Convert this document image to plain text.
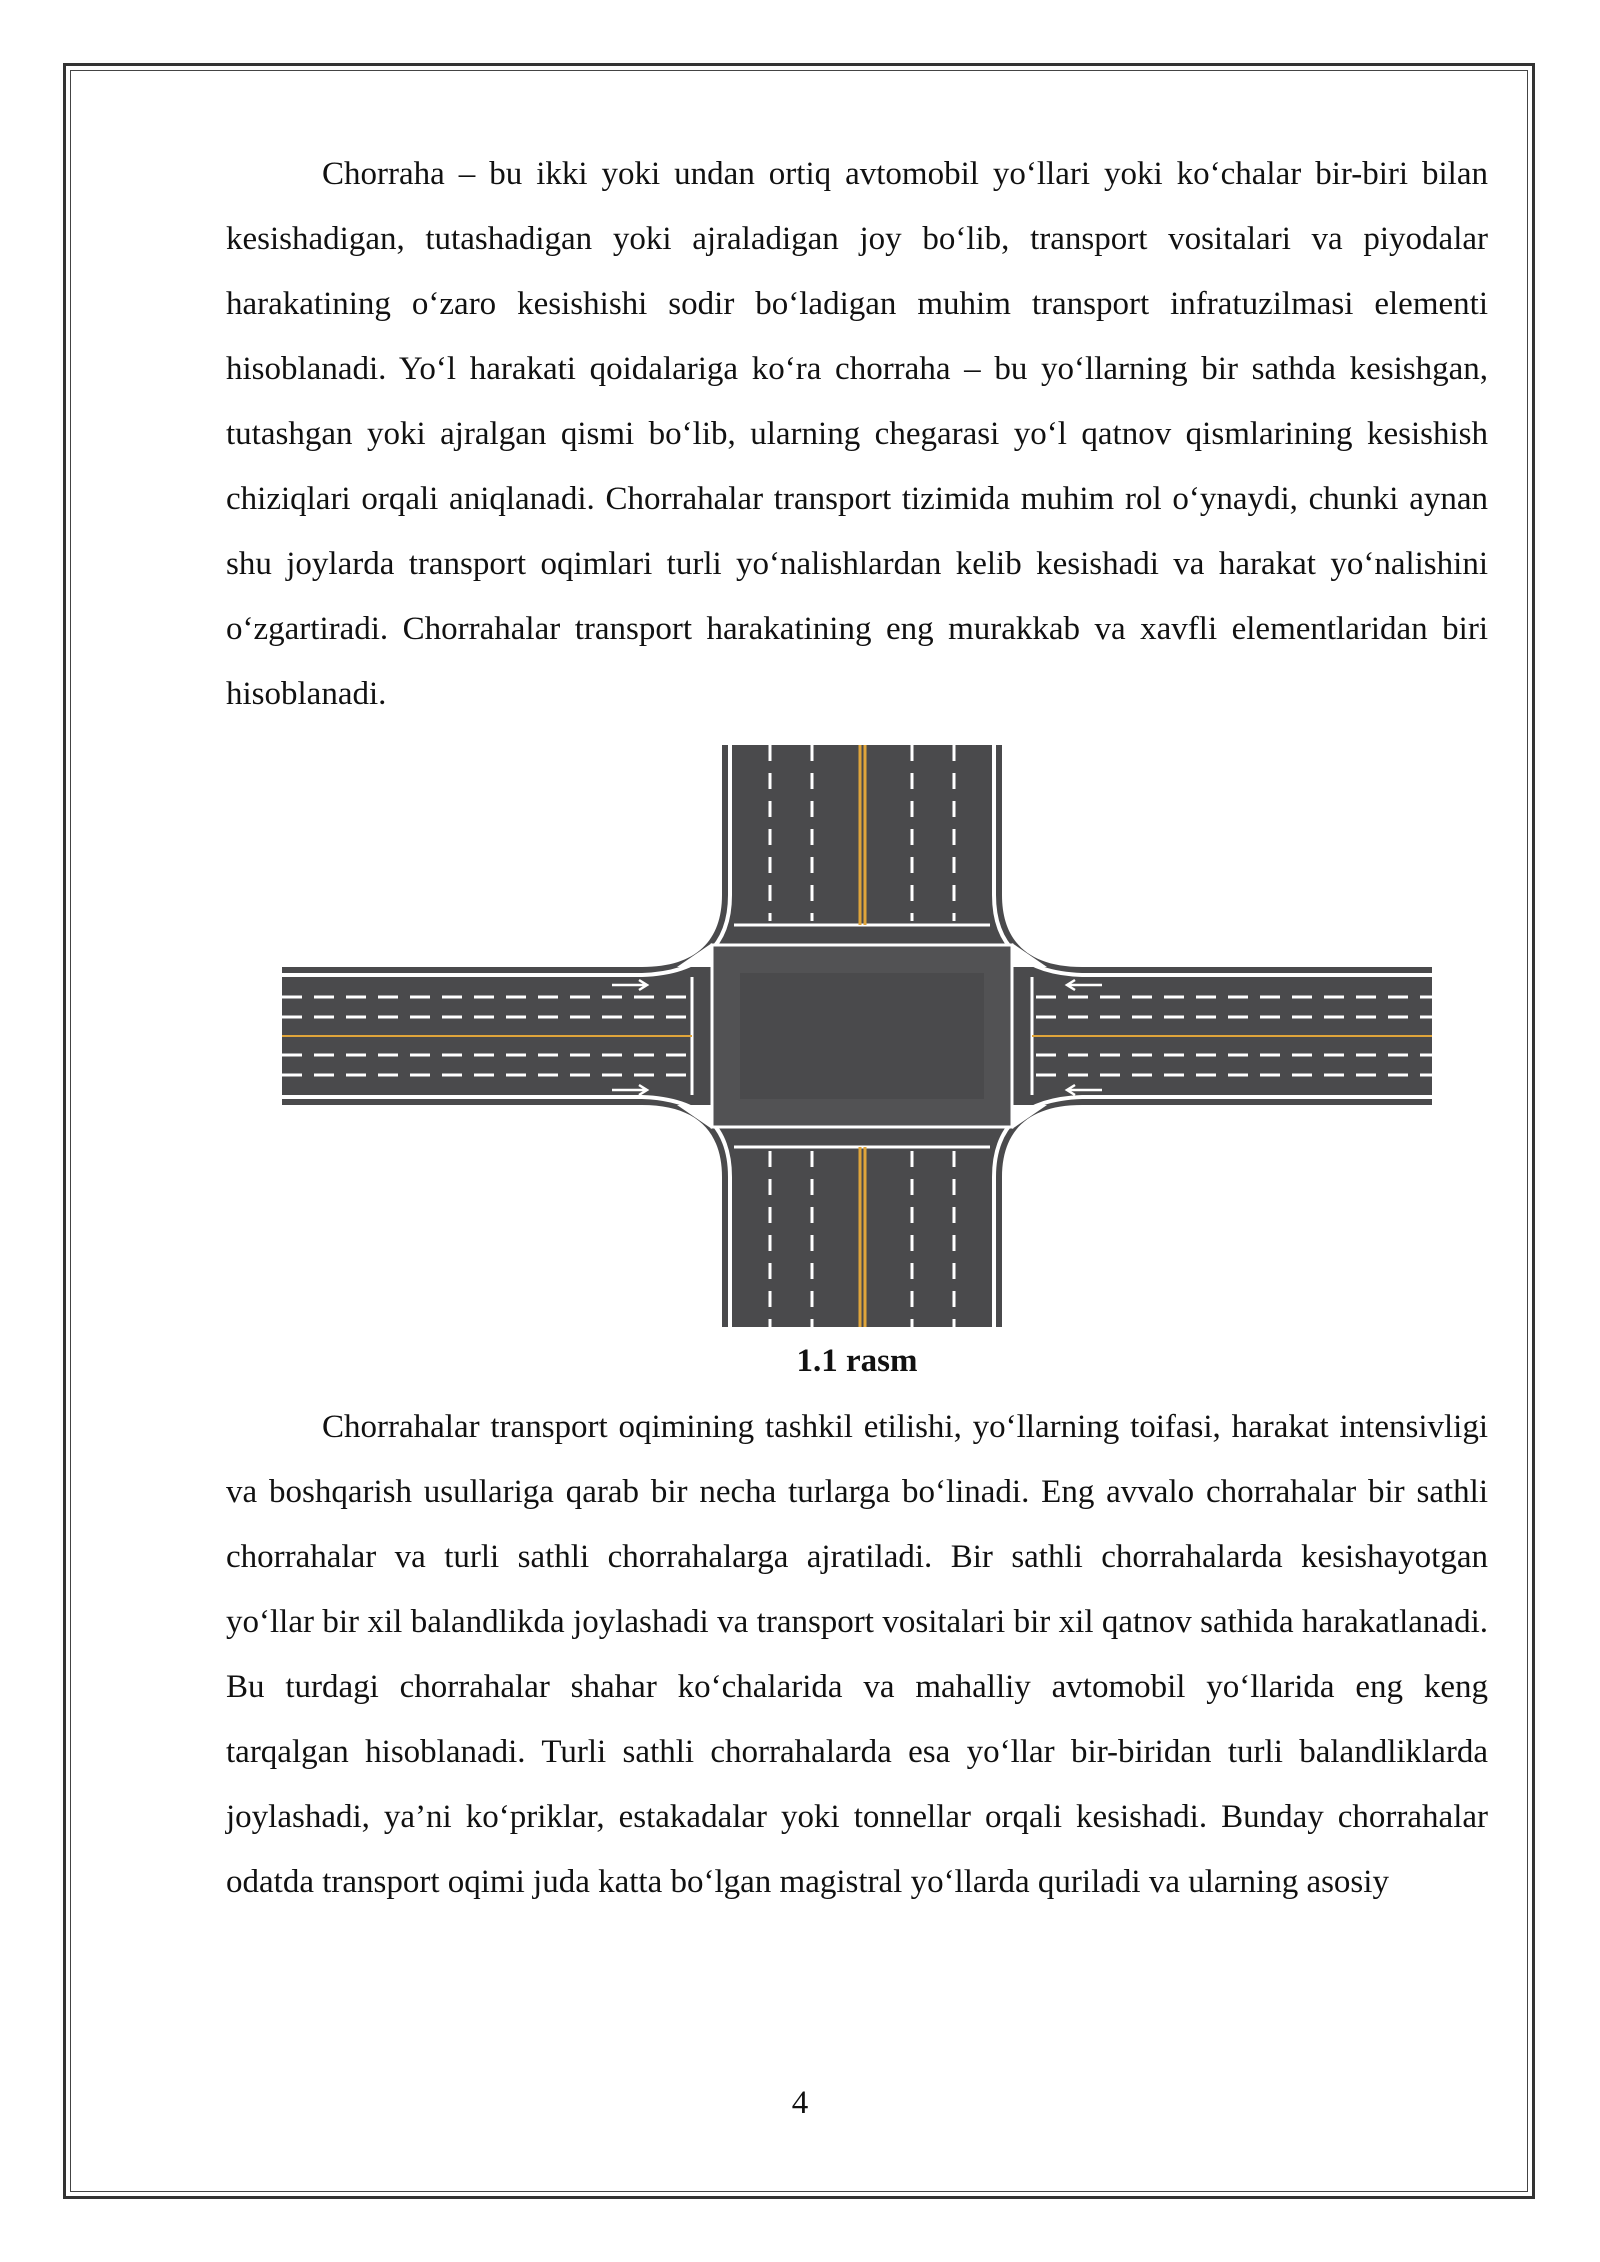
Chorraha – bu ikki yoki undan ortiq avtomobil yo‘llari yoki ko‘chalar bir-biri bilan kesishadigan, tutashadigan yoki ajraladigan joy bo‘lib, transport vositalari va piyodalar harakatining o‘zaro kesishishi sodir bo‘ladigan muhim transport infratuzilmasi elementi hisoblanadi. Yo‘l harakati qoidalariga ko‘ra chorraha – bu yo‘llarning bir sathda kesishgan, tutashgan yoki ajralgan qismi bo‘lib, ularning chegarasi yo‘l qatnov qismlarining kesishish chiziqlari orqali aniqlanadi. Chorrahalar transport tizimida muhim rol o‘ynaydi, chunki aynan shu joylarda transport oqimlari turli yo‘nalishlardan kelib kesishadi va harakat yo‘nalishini o‘zgartiradi. Chorrahalar transport harakatining eng murakkab va xavfli elementlaridan biri hisoblanadi.

1.1 rasm

Chorrahalar transport oqimining tashkil etilishi, yo‘llarning toifasi, harakat intensivligi va boshqarish usullariga qarab bir necha turlarga bo‘linadi. Eng avvalo chorrahalar bir sathli chorrahalar va turli sathli chorrahalarga ajratiladi. Bir sathli chorrahalarda kesishayotgan yo‘llar bir xil balandlikda joylashadi va transport vositalari bir xil qatnov sathida harakatlanadi. Bu turdagi chorrahalar shahar ko‘chalarida va mahalliy avtomobil yo‘llarida eng keng tarqalgan hisoblanadi. Turli sathli chorrahalarda esa yo‘llar bir-biridan turli balandliklarda joylashadi, ya’ni ko‘priklar, estakadalar yoki tonnellar orqali kesishadi. Bunday chorrahalar odatda transport oqimi juda katta bo‘lgan magistral yo‘llarda quriladi va ularning asosiy

4
